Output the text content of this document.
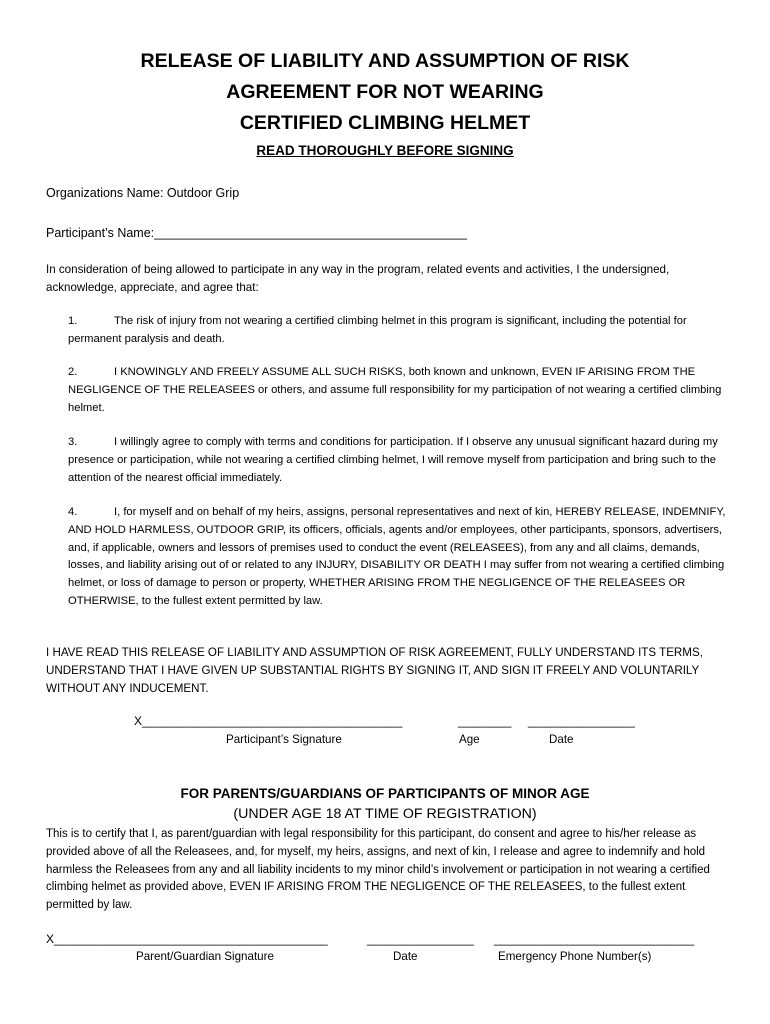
RELEASE OF LIABILITY AND ASSUMPTION OF RISK
AGREEMENT FOR NOT WEARING
CERTIFIED CLIMBING HELMET
READ THOROUGHLY BEFORE SIGNING
Organizations Name: Outdoor Grip
Participant’s Name:_____________________________________________
In consideration of being allowed to participate in any way in the program, related events and activities, I the undersigned, acknowledge, appreciate, and agree that:
1.	The risk of injury from not wearing a certified climbing helmet in this program is significant, including the potential for permanent paralysis and death.
2.	I KNOWINGLY AND FREELY ASSUME ALL SUCH RISKS, both known and unknown, EVEN IF ARISING FROM THE NEGLIGENCE OF THE RELEASEES or others, and assume full responsibility for my participation of not wearing a certified climbing helmet.
3.	I willingly agree to comply with terms and conditions for participation. If I observe any unusual significant hazard during my presence or participation, while not wearing a certified climbing helmet, I will remove myself from participation and bring such to the attention of the nearest official immediately.
4.	I, for myself and on behalf of my heirs, assigns, personal representatives and next of kin, HEREBY RELEASE, INDEMNIFY, AND HOLD HARMLESS, OUTDOOR GRIP, its officers, officials, agents and/or employees, other participants, sponsors, advertisers, and, if applicable, owners and lessors of premises used to conduct the event (RELEASEES), from any and all claims, demands, losses, and liability arising out of or related to any INJURY, DISABILITY OR DEATH I may suffer from not wearing a certified climbing helmet, or loss of damage to person or property, WHETHER ARISING FROM THE NEGLIGENCE OF THE RELEASEES OR OTHERWISE, to the fullest extent permitted by law.
I HAVE READ THIS RELEASE OF LIABILITY AND ASSUMPTION OF RISK AGREEMENT, FULLY UNDERSTAND ITS TERMS, UNDERSTAND THAT I HAVE GIVEN UP SUBSTANTIAL RIGHTS BY SIGNING IT, AND SIGN IT FREELY AND VOLUNTARILY WITHOUT ANY INDUCEMENT.
X_______________________________________	________ ________________
Participant’s Signature	Age	Date
FOR PARENTS/GUARDIANS OF PARTICIPANTS OF MINOR AGE
(UNDER AGE 18 AT TIME OF REGISTRATION)
This is to certify that I, as parent/guardian with legal responsibility for this participant, do consent and agree to his/her release as provided above of all the Releasees, and, for myself, my heirs, assigns, and next of kin, I release and agree to indemnify and hold harmless the Releasees from any and all liability incidents to my minor child’s involvement or participation in not wearing a certified climbing helmet as provided above, EVEN IF ARISING FROM THE NEGLIGENCE OF THE RELEASEES, to the fullest extent permitted by law.
X_________________________________________	________________ ______________________________
Parent/Guardian Signature	Date	Emergency Phone Number(s)
